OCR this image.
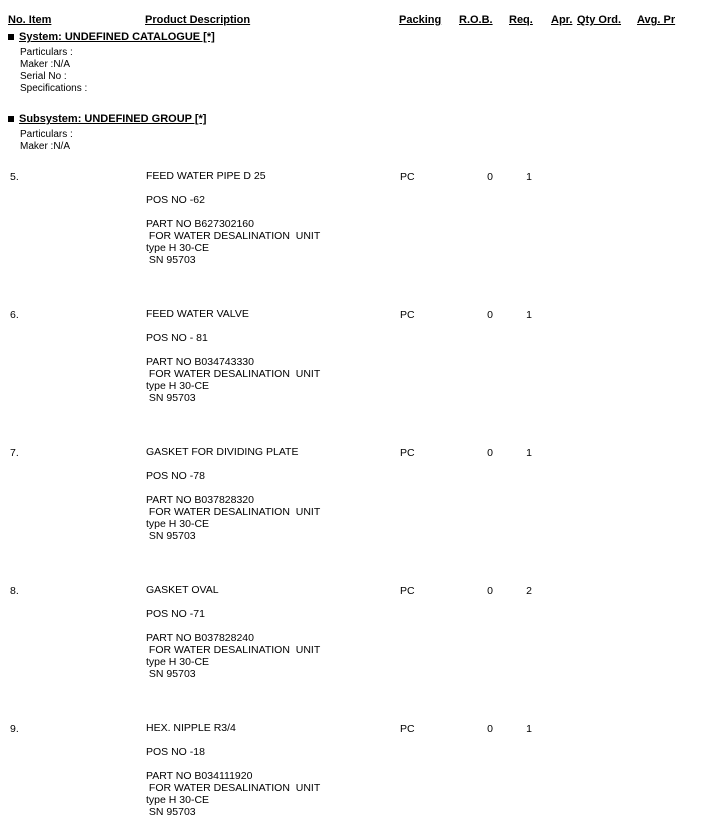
No. Item	Product Description	Packing R.O.B. Req. Apr. Qty Ord. Avg. Pr
System: UNDEFINED CATALOGUE [*]
Particulars :
Maker :N/A
Serial No :
Specifications :
Subsystem: UNDEFINED GROUP [*]
Particulars :
Maker :N/A
5.	FEED WATER PIPE D 25
POS NO -62
PART NO B627302160
FOR WATER DESALINATION  UNIT
type H 30-CE
SN 95703
PC	0	1
6.	FEED WATER VALVE
POS NO - 81
PART NO B034743330
FOR WATER DESALINATION  UNIT
type H 30-CE
SN 95703
PC	0	1
7.	GASKET FOR DIVIDING PLATE
POS NO -78
PART NO B037828320
FOR WATER DESALINATION  UNIT
type H 30-CE
SN 95703
PC	0	1
8.	GASKET OVAL
POS NO -71
PART NO B037828240
FOR WATER DESALINATION  UNIT
type H 30-CE
SN 95703
PC	0	2
9.	HEX. NIPPLE R3/4
POS NO -18
PART NO B034111920
FOR WATER DESALINATION  UNIT
type H 30-CE
SN 95703
PC	0	1
